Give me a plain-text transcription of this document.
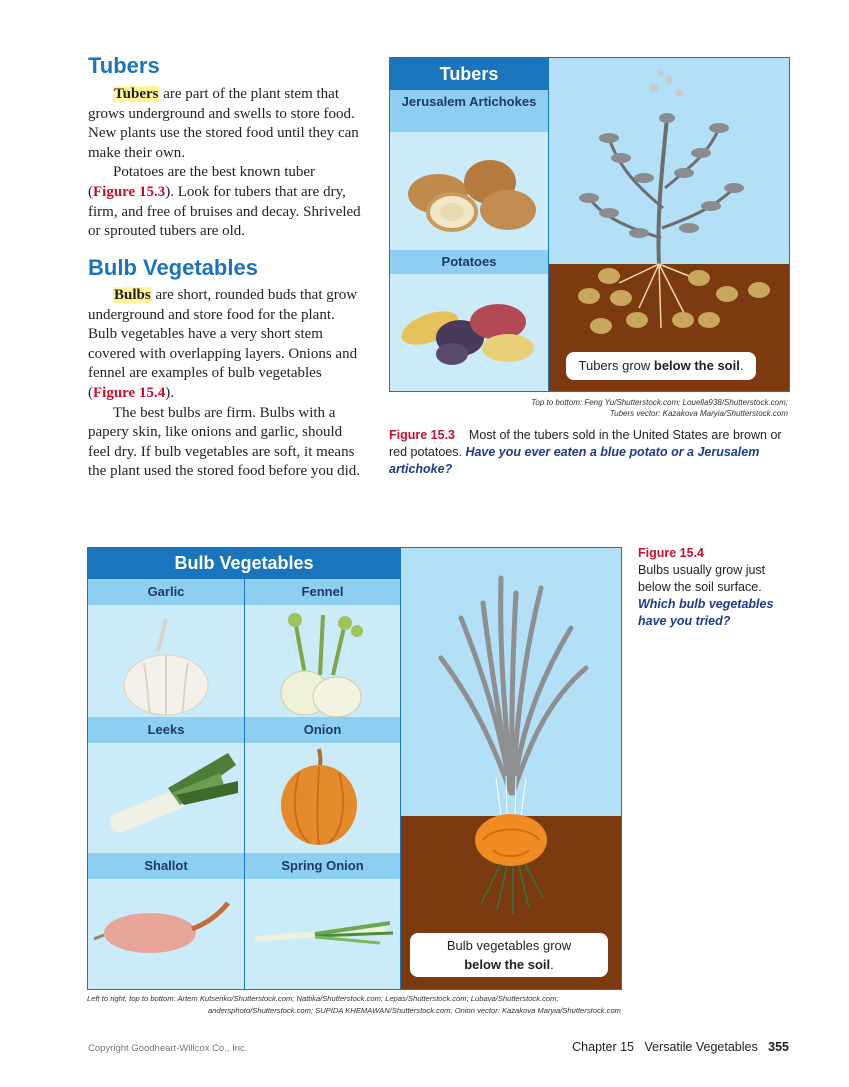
Tubers

Tubers are part of the plant stem that grows underground and swells to store food. New plants use the stored food until they can make their own.

Potatoes are the best known tuber (Figure 15.3). Look for tubers that are dry, firm, and free of bruises and decay. Shriveled or sprouted tubers are old.

Bulb Vegetables

Bulbs are short, rounded buds that grow underground and store food for the plant. Bulb vegetables have a very short stem covered with overlapping layers. Onions and fennel are examples of bulb vegetables (Figure 15.4).

The best bulbs are firm. Bulbs with a papery skin, like onions and garlic, should feel dry. If bulb vegetables are soft, it means the plant used the stored food before you did.

Tubers
Jerusalem Artichokes
Potatoes
Tubers grow below the soil.
Top to bottom: Feng Yu/Shutterstock.com; Louella938/Shutterstock.com;
Tubers vector: Kazakova Maryia/Shutterstock.com
Figure 15.3 Most of the tubers sold in the United States are brown or red potatoes. Have you ever eaten a blue potato or a Jerusalem artichoke?
Bulb Vegetables
Garlic	Fennel
Leeks	Onion
Shallot	Spring Onion
Bulb vegetables grow
below the soil.
Figure 15.4
Bulbs usually grow just below the soil surface.
Which bulb vegetables have you tried?
Left to right, top to bottom: Artem Kutsenko/Shutterstock.com; Nattika/Shutterstock.com; Lepas/Shutterstock.com; Lubava/Shutterstock.com;
andersphoto/Shutterstock.com; SUPIDA KHEMAWAN/Shutterstock.com; Onion vector: Kazakova Maryia/Shutterstock.com
Copyright Goodheart-Willcox Co., Inc.	Chapter 15 Versatile Vegetables 355
